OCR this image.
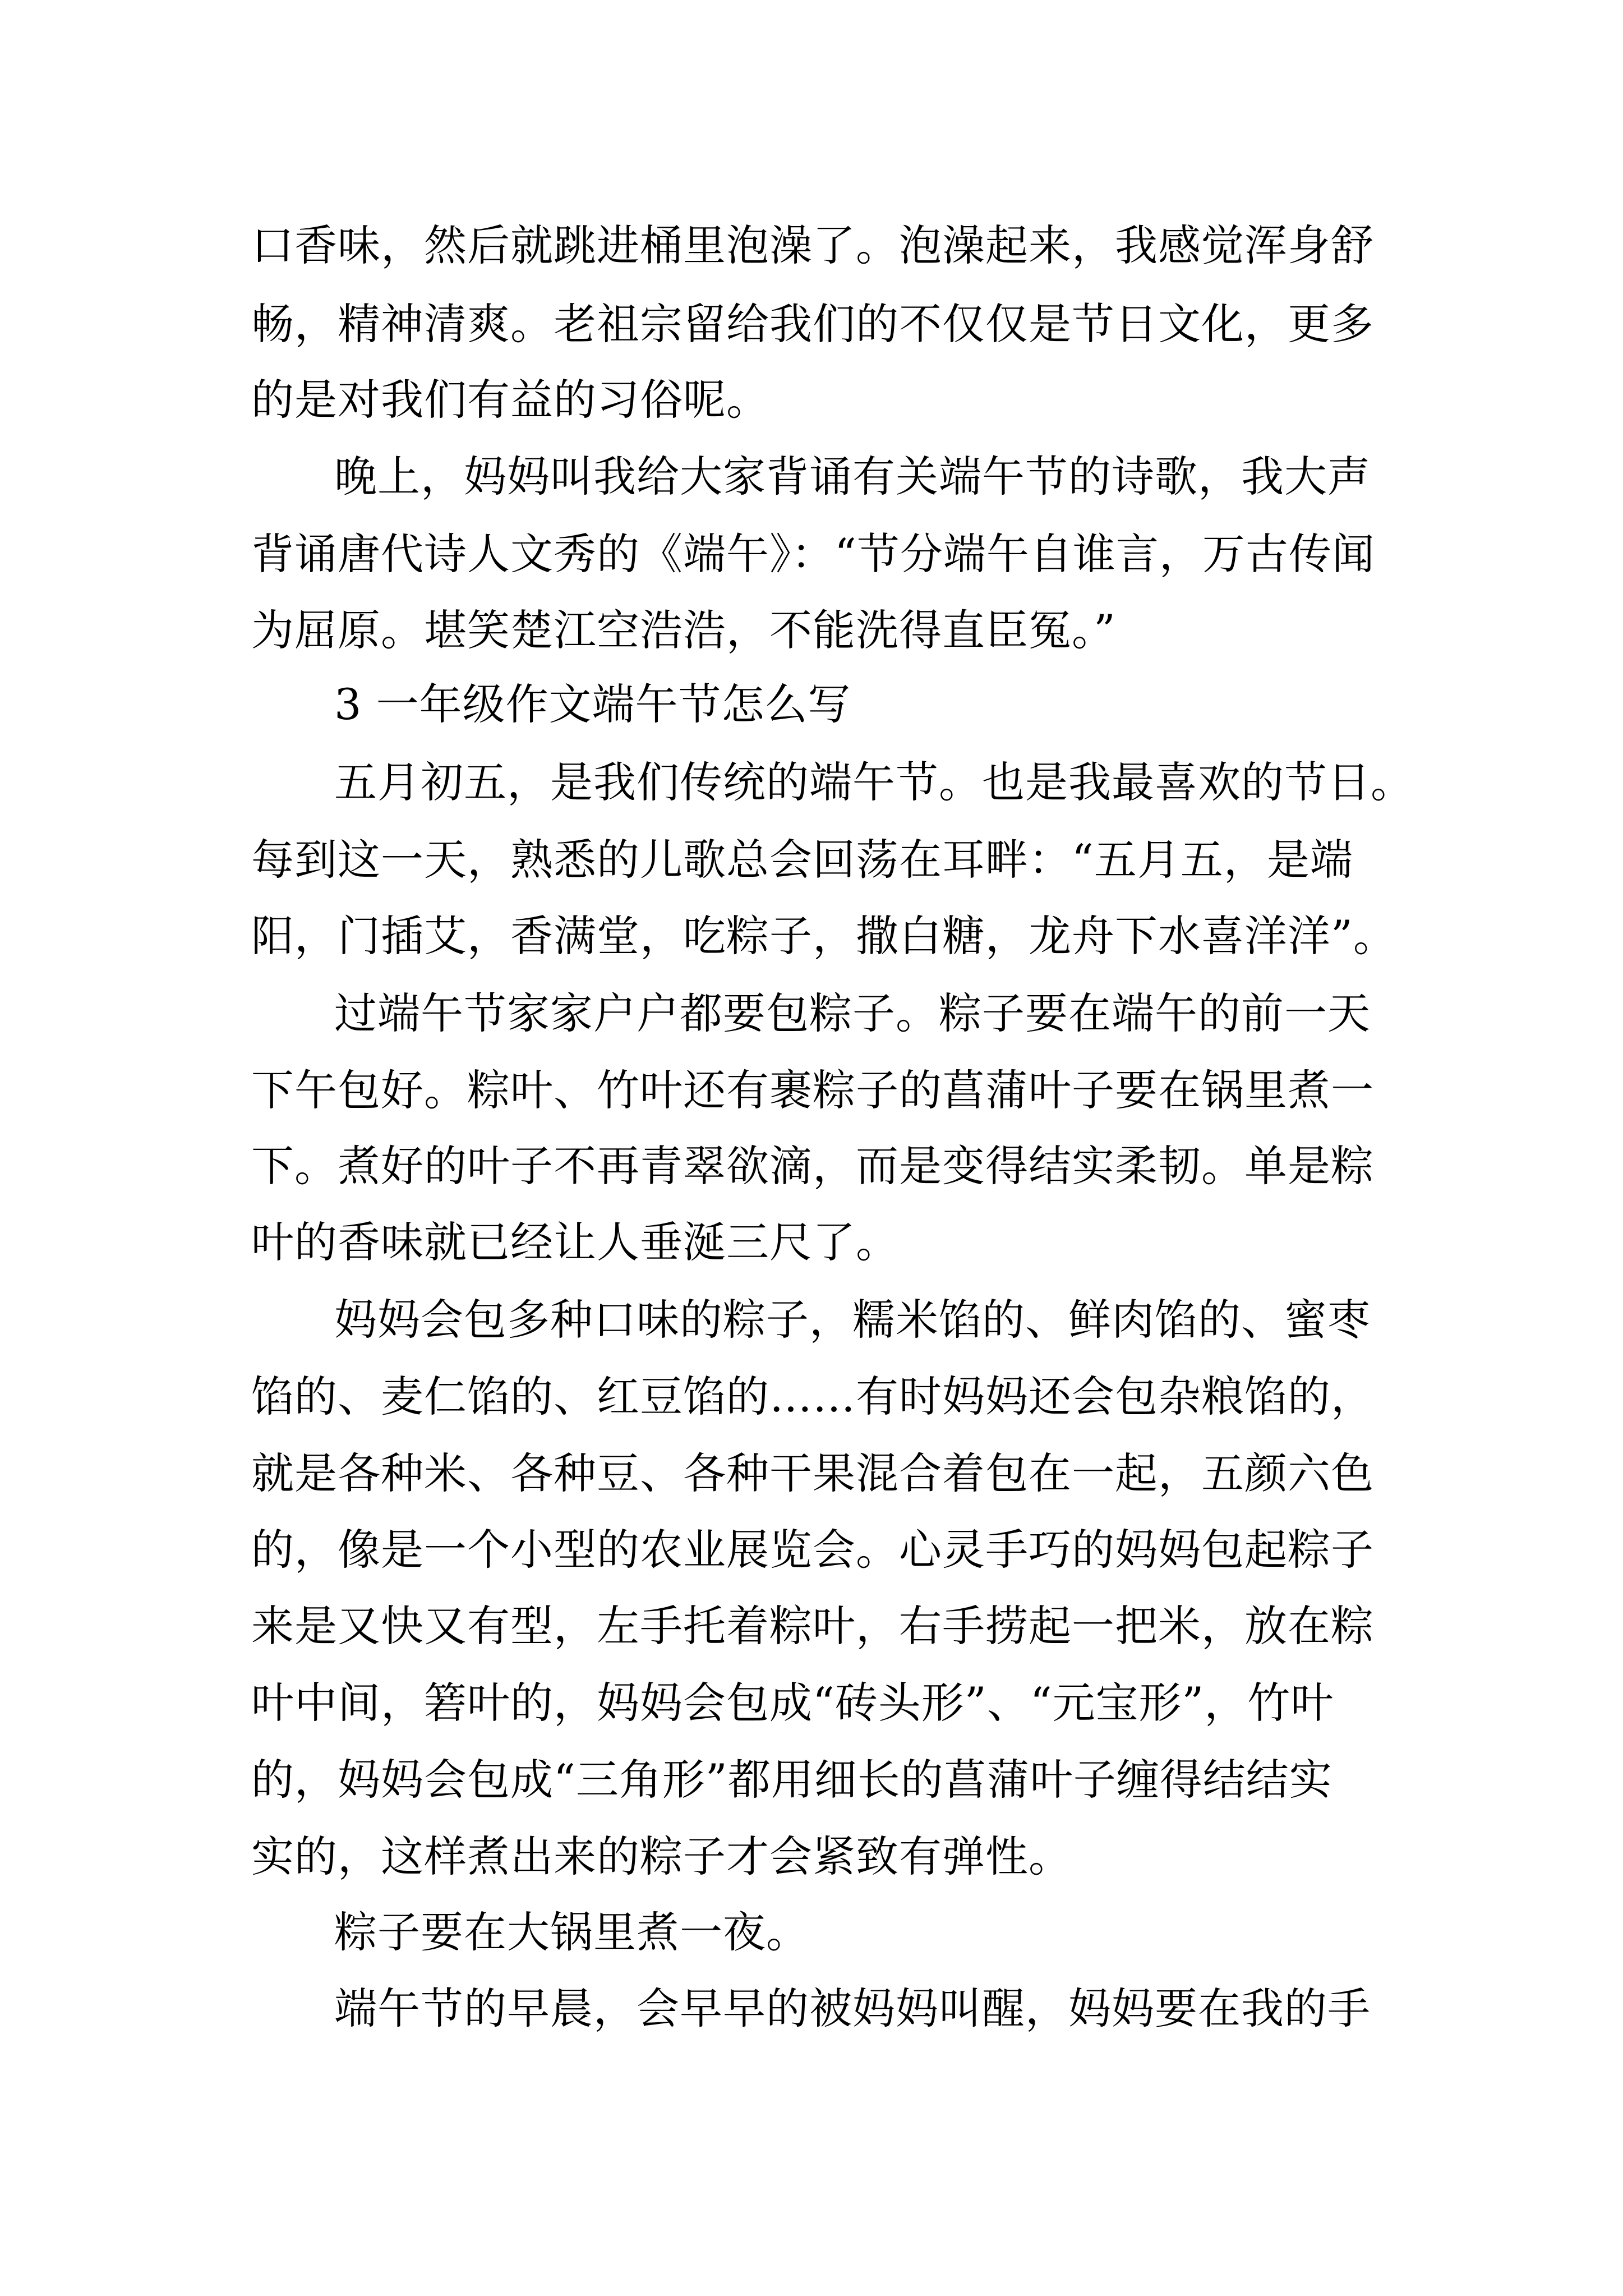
口香味，然后就跳进桶里泡澡了。泡澡起来，我感觉浑身舒
畅，精神清爽。老祖宗留给我们的不仅仅是节日文化，更多
的是对我们有益的习俗呢。
晚上，妈妈叫我给大家背诵有关端午节的诗歌，我大声
背诵唐代诗人文秀的《端午》：“节分端午自谁言，万古传闻
为屈原。堪笑楚江空浩浩，不能洗得直臣冤。”
3 一年级作文端午节怎么写
五月初五，是我们传统的端午节。也是我最喜欢的节日。
每到这一天，熟悉的儿歌总会回荡在耳畔：“五月五，是端
阳，门插艾，香满堂，吃粽子，撒白糖，龙舟下水喜洋洋”。
过端午节家家户户都要包粽子。粽子要在端午的前一天
下午包好。粽叶、竹叶还有裹粽子的菖蒲叶子要在锅里煮一
下。煮好的叶子不再青翠欲滴，而是变得结实柔韧。单是粽
叶的香味就已经让人垂涎三尺了。
妈妈会包多种口味的粽子，糯米馅的、鲜肉馅的、蜜枣
馅的、麦仁馅的、红豆馅的……有时妈妈还会包杂粮馅的，
就是各种米、各种豆、各种干果混合着包在一起，五颜六色
的，像是一个小型的农业展览会。心灵手巧的妈妈包起粽子
来是又快又有型，左手托着粽叶，右手捞起一把米，放在粽
叶中间，箬叶的，妈妈会包成“砖头形”、“元宝形”，竹叶
的，妈妈会包成“三角形”都用细长的菖蒲叶子缠得结结实
实的，这样煮出来的粽子才会紧致有弹性。
粽子要在大锅里煮一夜。
端午节的早晨，会早早的被妈妈叫醒，妈妈要在我的手
